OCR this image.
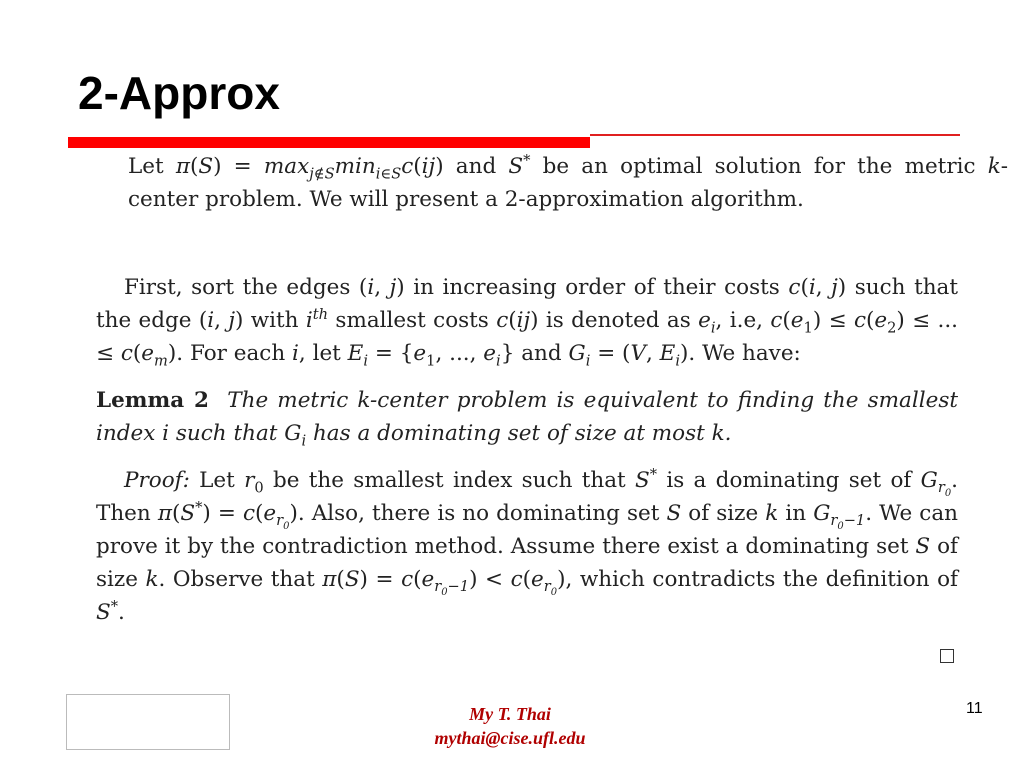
2-Approx

Let $\pi(S) = \max_{j\notin S}\min_{i\in S}c(ij)$ and S* be an optimal solution for the metric k-center problem. We will present a 2-approximation algorithm.

First, sort the edges (i, j) in increasing order of their costs c(i, j) such that the edge (i, j) with $i^{th}$ smallest costs c(ij) is denoted as $e_i$, i.e, $c(e_1) \le c(e_2)$ ≤ ... ≤ $c(e_m)$. For each i, let $E_i = \{e_1$, ..., $e_i$} and $G_i = (V$, $E_i$). We have:

Lemma 2 The metric k-center problem is equivalent to finding the smallest index i such that $G_i$ has a dominating set of size at most k.

Proof: Let $r_0$ be the smallest index such that S* is a dominating set of $G_{r_0}$. Then $\pi(S^*) = c(e_{r_0})$. Also, there is no dominating set S of size k in $G_{r_0-1}$. We can prove it by the contradiction method. Assume there exist a dominating set S of size k. Observe that $\pi(S) = c(e_{r_0-1}) < c(e_{r_0})$, which contradicts the definition of S*.

My T. Thai
mythai@cise.ufl.edu
11
